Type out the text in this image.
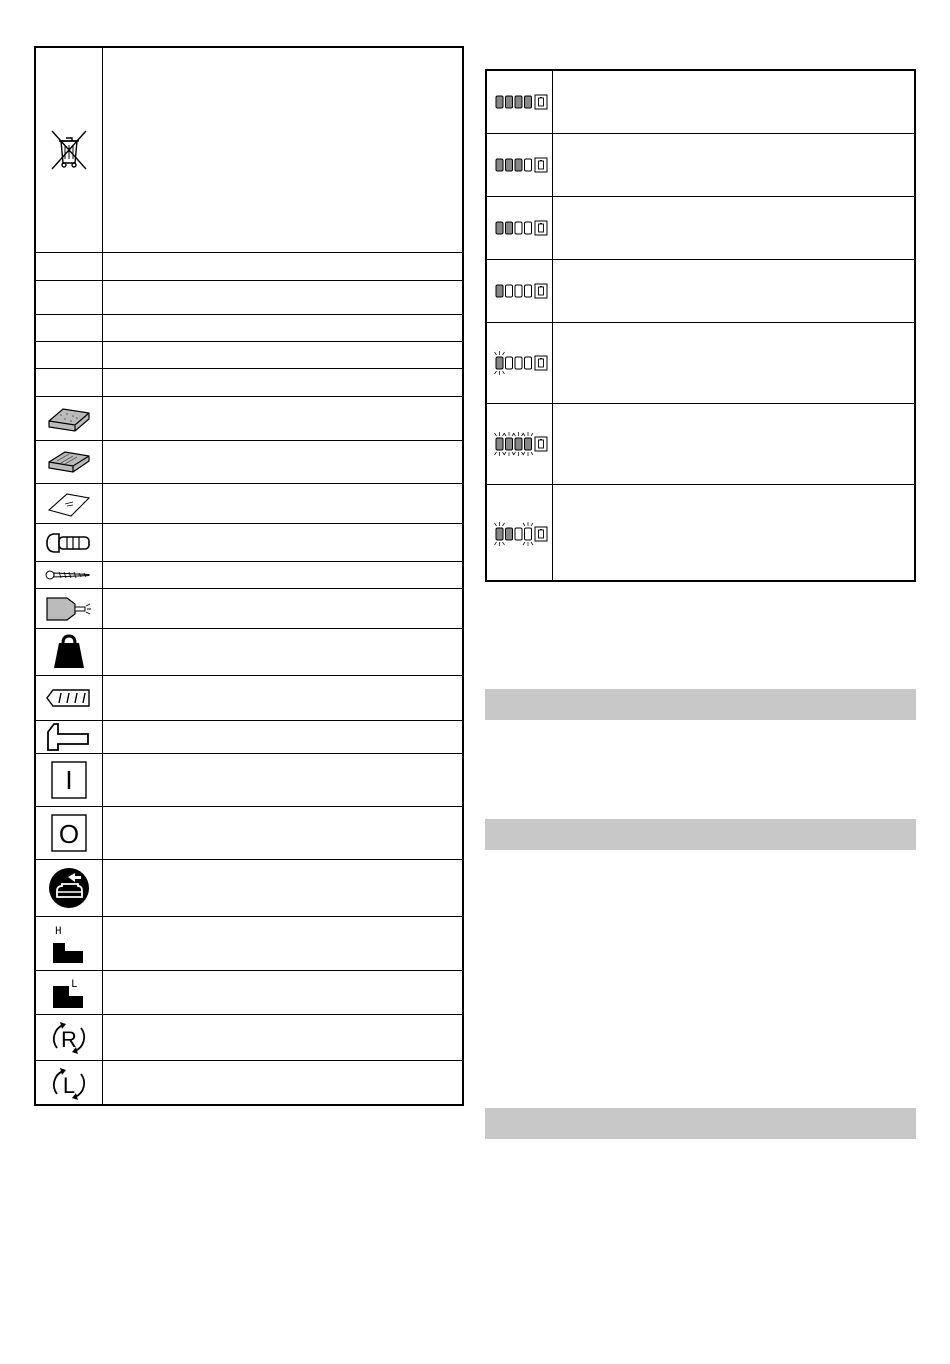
I
O
H
L
R
L
